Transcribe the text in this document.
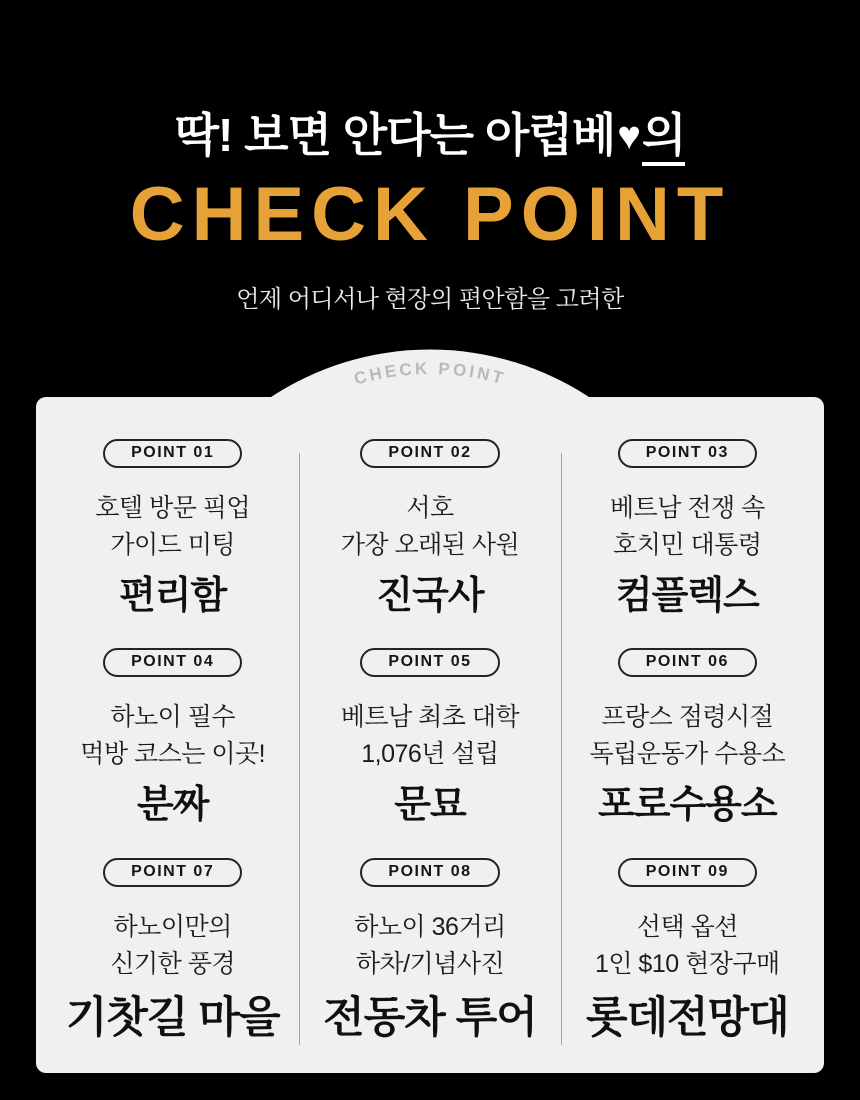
딱! 보면 안다는 아럽베♥의
CHECK POINT
언제 어디서나 현장의 편안함을 고려한
CHECK POINT
POINT 01
호텔 방문 픽업
가이드 미팅
편리함
POINT 02
서호
가장 오래된 사원
진국사
POINT 03
베트남 전쟁 속
호치민 대통령
컴플렉스
POINT 04
하노이 필수
먹방 코스는 이곳!
분짜
POINT 05
베트남 최초 대학
1,076년 설립
문묘
POINT 06
프랑스 점령시절
독립운동가 수용소
포로수용소
POINT 07
하노이만의
신기한 풍경
기찻길 마을
POINT 08
하노이 36거리
하차/기념사진
전동차 투어
POINT 09
선택 옵션
1인 $10 현장구매
롯데전망대
